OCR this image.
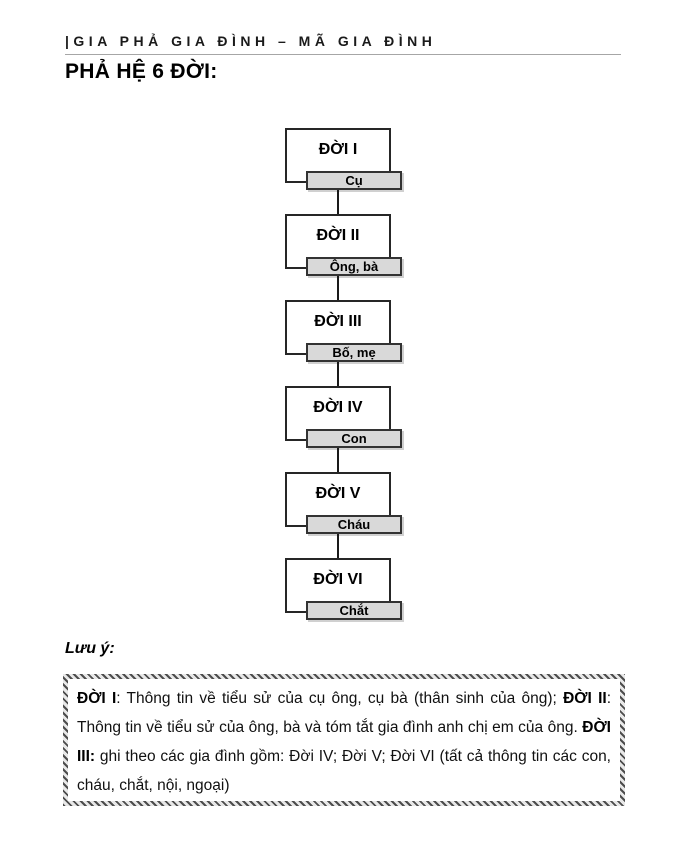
|GIA PHẢ GIA ĐÌNH – MÃ GIA ĐÌNH
PHẢ HỆ 6 ĐỜI:
ĐỜI I
Cụ
ĐỜI II
Ông, bà
ĐỜI III
Bố, mẹ
ĐỜI IV
Con
ĐỜI V
Cháu
ĐỜI VI
Chắt
Lưu ý:
ĐỜI I: Thông tin về tiểu sử của cụ ông, cụ bà (thân sinh của ông); ĐỜI II: Thông tin về tiểu sử của ông, bà và tóm tắt gia đình anh chị em của ông. ĐỜI III: ghi theo các gia đình gồm: Đời IV; Đời V; Đời VI (tất cả thông tin các con, cháu, chắt, nội, ngoại)
